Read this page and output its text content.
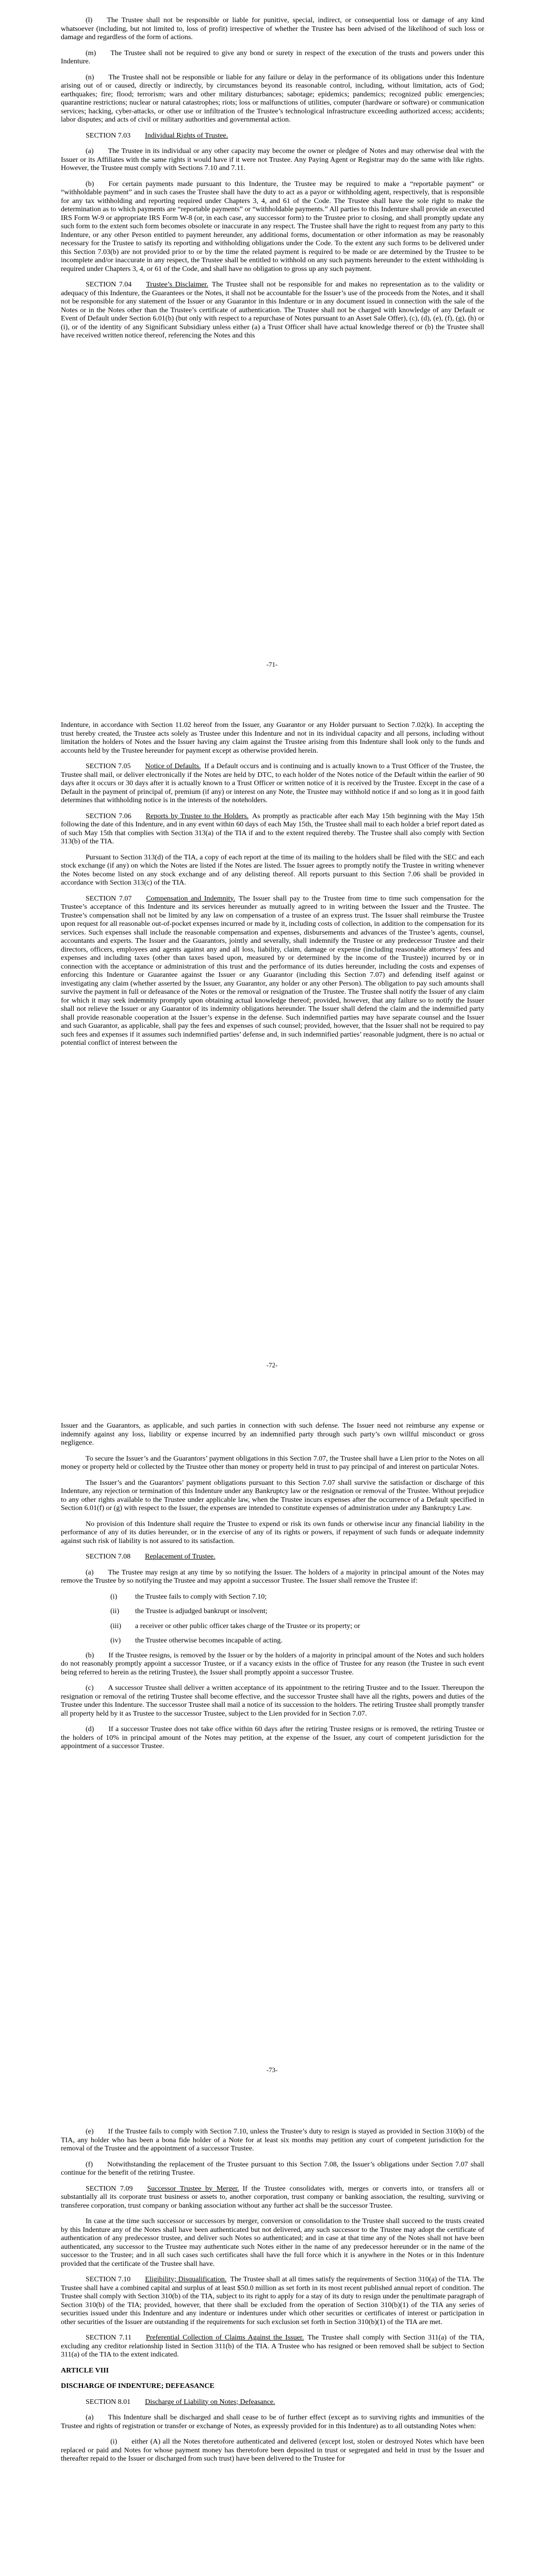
(l)   The Trustee shall not be responsible or liable for punitive, special, indirect, or consequential loss or damage of any kind whatsoever (including, but not limited to, loss of profit) irrespective of whether the Trustee has been advised of the likelihood of such loss or damage and regardless of the form of actions.

(m)   The Trustee shall not be required to give any bond or surety in respect of the execution of the trusts and powers under this Indenture.

(n)   The Trustee shall not be responsible or liable for any failure or delay in the performance of its obligations under this Indenture arising out of or caused, directly or indirectly, by circumstances beyond its reasonable control, including, without limitation, acts of God; earthquakes; fire; flood; terrorism; wars and other military disturbances; sabotage; epidemics; pandemics; recognized public emergencies; quarantine restrictions; nuclear or natural catastrophes; riots; loss or malfunctions of utilities, computer (hardware or software) or communication services; hacking, cyber-attacks, or other use or infiltration of the Trustee’s technological infrastructure exceeding authorized access; accidents; labor disputes; and acts of civil or military authorities and governmental action.

SECTION 7.03   Individual Rights of Trustee.

(a)   The Trustee in its individual or any other capacity may become the owner or pledgee of Notes and may otherwise deal with the Issuer or its Affiliates with the same rights it would have if it were not Trustee. Any Paying Agent or Registrar may do the same with like rights. However, the Trustee must comply with Sections 7.10 and 7.11.

(b)   For certain payments made pursuant to this Indenture, the Trustee may be required to make a “reportable payment” or “withholdable payment” and in such cases the Trustee shall have the duty to act as a payor or withholding agent, respectively, that is responsible for any tax withholding and reporting required under Chapters 3, 4, and 61 of the Code. The Trustee shall have the sole right to make the determination as to which payments are “reportable payments” or “withholdable payments.” All parties to this Indenture shall provide an executed IRS Form W-9 or appropriate IRS Form W-8 (or, in each case, any successor form) to the Trustee prior to closing, and shall promptly update any such form to the extent such form becomes obsolete or inaccurate in any respect. The Trustee shall have the right to request from any party to this Indenture, or any other Person entitled to payment hereunder, any additional forms, documentation or other information as may be reasonably necessary for the Trustee to satisfy its reporting and withholding obligations under the Code. To the extent any such forms to be delivered under this Section 7.03(b) are not provided prior to or by the time the related payment is required to be made or are determined by the Trustee to be incomplete and/or inaccurate in any respect, the Trustee shall be entitled to withhold on any such payments hereunder to the extent withholding is required under Chapters 3, 4, or 61 of the Code, and shall have no obligation to gross up any such payment.

SECTION 7.04   Trustee’s Disclaimer.  The Trustee shall not be responsible for and makes no representation as to the validity or adequacy of this Indenture, the Guarantees or the Notes, it shall not be accountable for the Issuer’s use of the proceeds from the Notes, and it shall not be responsible for any statement of the Issuer or any Guarantor in this Indenture or in any document issued in connection with the sale of the Notes or in the Notes other than the Trustee’s certificate of authentication. The Trustee shall not be charged with knowledge of any Default or Event of Default under Section 6.01(b) (but only with respect to a repurchase of Notes pursuant to an Asset Sale Offer), (c), (d), (e), (f), (g), (h) or (i), or of the identity of any Significant Subsidiary unless either (a) a Trust Officer shall have actual knowledge thereof or (b) the Trustee shall have received written notice thereof, referencing the Notes and this

-71-

Indenture, in accordance with Section 11.02 hereof from the Issuer, any Guarantor or any Holder pursuant to Section 7.02(k). In accepting the trust hereby created, the Trustee acts solely as Trustee under this Indenture and not in its individual capacity and all persons, including without limitation the holders of Notes and the Issuer having any claim against the Trustee arising from this Indenture shall look only to the funds and accounts held by the Trustee hereunder for payment except as otherwise provided herein.

SECTION 7.05   Notice of Defaults.  If a Default occurs and is continuing and is actually known to a Trust Officer of the Trustee, the Trustee shall mail, or deliver electronically if the Notes are held by DTC, to each holder of the Notes notice of the Default within the earlier of 90 days after it occurs or 30 days after it is actually known to a Trust Officer or written notice of it is received by the Trustee. Except in the case of a Default in the payment of principal of, premium (if any) or interest on any Note, the Trustee may withhold notice if and so long as it in good faith determines that withholding notice is in the interests of the noteholders.

SECTION 7.06   Reports by Trustee to the Holders.  As promptly as practicable after each May 15th beginning with the May 15th following the date of this Indenture, and in any event within 60 days of each May 15th, the Trustee shall mail to each holder a brief report dated as of such May 15th that complies with Section 313(a) of the TIA if and to the extent required thereby. The Trustee shall also comply with Section 313(b) of the TIA.

Pursuant to Section 313(d) of the TIA, a copy of each report at the time of its mailing to the holders shall be filed with the SEC and each stock exchange (if any) on which the Notes are listed if the Notes are listed. The Issuer agrees to promptly notify the Trustee in writing whenever the Notes become listed on any stock exchange and of any delisting thereof. All reports pursuant to this Section 7.06 shall be provided in accordance with Section 313(c) of the TIA.

SECTION 7.07   Compensation and Indemnity.  The Issuer shall pay to the Trustee from time to time such compensation for the Trustee’s acceptance of this Indenture and its services hereunder as mutually agreed to in writing between the Issuer and the Trustee. The Trustee’s compensation shall not be limited by any law on compensation of a trustee of an express trust. The Issuer shall reimburse the Trustee upon request for all reasonable out-of-pocket expenses incurred or made by it, including costs of collection, in addition to the compensation for its services. Such expenses shall include the reasonable compensation and expenses, disbursements and advances of the Trustee’s agents, counsel, accountants and experts. The Issuer and the Guarantors, jointly and severally, shall indemnify the Trustee or any predecessor Trustee and their directors, officers, employees and agents against any and all loss, liability, claim, damage or expense (including reasonable attorneys’ fees and expenses and including taxes (other than taxes based upon, measured by or determined by the income of the Trustee)) incurred by or in connection with the acceptance or administration of this trust and the performance of its duties hereunder, including the costs and expenses of enforcing this Indenture or Guarantee against the Issuer or any Guarantor (including this Section 7.07) and defending itself against or investigating any claim (whether asserted by the Issuer, any Guarantor, any holder or any other Person). The obligation to pay such amounts shall survive the payment in full or defeasance of the Notes or the removal or resignation of the Trustee. The Trustee shall notify the Issuer of any claim for which it may seek indemnity promptly upon obtaining actual knowledge thereof; provided, however, that any failure so to notify the Issuer shall not relieve the Issuer or any Guarantor of its indemnity obligations hereunder. The Issuer shall defend the claim and the indemnified party shall provide reasonable cooperation at the Issuer’s expense in the defense. Such indemnified parties may have separate counsel and the Issuer and such Guarantor, as applicable, shall pay the fees and expenses of such counsel; provided, however, that the Issuer shall not be required to pay such fees and expenses if it assumes such indemnified parties’ defense and, in such indemnified parties’ reasonable judgment, there is no actual or potential conflict of interest between the

-72-

Issuer and the Guarantors, as applicable, and such parties in connection with such defense. The Issuer need not reimburse any expense or indemnify against any loss, liability or expense incurred by an indemnified party through such party’s own willful misconduct or gross negligence.

To secure the Issuer’s and the Guarantors’ payment obligations in this Section 7.07, the Trustee shall have a Lien prior to the Notes on all money or property held or collected by the Trustee other than money or property held in trust to pay principal of and interest on particular Notes.

The Issuer’s and the Guarantors’ payment obligations pursuant to this Section 7.07 shall survive the satisfaction or discharge of this Indenture, any rejection or termination of this Indenture under any Bankruptcy law or the resignation or removal of the Trustee. Without prejudice to any other rights available to the Trustee under applicable law, when the Trustee incurs expenses after the occurrence of a Default specified in Section 6.01(f) or (g) with respect to the Issuer, the expenses are intended to constitute expenses of administration under any Bankruptcy Law.

No provision of this Indenture shall require the Trustee to expend or risk its own funds or otherwise incur any financial liability in the performance of any of its duties hereunder, or in the exercise of any of its rights or powers, if repayment of such funds or adequate indemnity against such risk of liability is not assured to its satisfaction.

SECTION 7.08   Replacement of Trustee.

(a)   The Trustee may resign at any time by so notifying the Issuer. The holders of a majority in principal amount of the Notes may remove the Trustee by so notifying the Trustee and may appoint a successor Trustee. The Issuer shall remove the Trustee if:

(i)	the Trustee fails to comply with Section 7.10;

(ii)	the Trustee is adjudged bankrupt or insolvent;

(iii)	a receiver or other public officer takes charge of the Trustee or its property; or

(iv)	the Trustee otherwise becomes incapable of acting.

(b)   If the Trustee resigns, is removed by the Issuer or by the holders of a majority in principal amount of the Notes and such holders do not reasonably promptly appoint a successor Trustee, or if a vacancy exists in the office of Trustee for any reason (the Trustee in such event being referred to herein as the retiring Trustee), the Issuer shall promptly appoint a successor Trustee.

(c)   A successor Trustee shall deliver a written acceptance of its appointment to the retiring Trustee and to the Issuer. Thereupon the resignation or removal of the retiring Trustee shall become effective, and the successor Trustee shall have all the rights, powers and duties of the Trustee under this Indenture. The successor Trustee shall mail a notice of its succession to the holders. The retiring Trustee shall promptly transfer all property held by it as Trustee to the successor Trustee, subject to the Lien provided for in Section 7.07.

(d)   If a successor Trustee does not take office within 60 days after the retiring Trustee resigns or is removed, the retiring Trustee or the holders of 10% in principal amount of the Notes may petition, at the expense of the Issuer, any court of competent jurisdiction for the appointment of a successor Trustee.

-73-

(e)   If the Trustee fails to comply with Section 7.10, unless the Trustee’s duty to resign is stayed as provided in Section 310(b) of the TIA, any holder who has been a bona fide holder of a Note for at least six months may petition any court of competent jurisdiction for the removal of the Trustee and the appointment of a successor Trustee.

(f)   Notwithstanding the replacement of the Trustee pursuant to this Section 7.08, the Issuer’s obligations under Section 7.07 shall continue for the benefit of the retiring Trustee.

SECTION 7.09   Successor Trustee by Merger.  If the Trustee consolidates with, merges or converts into, or transfers all or substantially all its corporate trust business or assets to, another corporation, trust company or banking association, the resulting, surviving or transferee corporation, trust company or banking association without any further act shall be the successor Trustee.

In case at the time such successor or successors by merger, conversion or consolidation to the Trustee shall succeed to the trusts created by this Indenture any of the Notes shall have been authenticated but not delivered, any such successor to the Trustee may adopt the certificate of authentication of any predecessor trustee, and deliver such Notes so authenticated; and in case at that time any of the Notes shall not have been authenticated, any successor to the Trustee may authenticate such Notes either in the name of any predecessor hereunder or in the name of the successor to the Trustee; and in all such cases such certificates shall have the full force which it is anywhere in the Notes or in this Indenture provided that the certificate of the Trustee shall have.

SECTION 7.10   Eligibility; Disqualification.  The Trustee shall at all times satisfy the requirements of Section 310(a) of the TIA. The Trustee shall have a combined capital and surplus of at least $50.0 million as set forth in its most recent published annual report of condition. The Trustee shall comply with Section 310(b) of the TIA, subject to its right to apply for a stay of its duty to resign under the penultimate paragraph of Section 310(b) of the TIA; provided, however, that there shall be excluded from the operation of Section 310(b)(1) of the TIA any series of securities issued under this Indenture and any indenture or indentures under which other securities or certificates of interest or participation in other securities of the Issuer are outstanding if the requirements for such exclusion set forth in Section 310(b)(1) of the TIA are met.

SECTION 7.11   Preferential Collection of Claims Against the Issuer.  The Trustee shall comply with Section 311(a) of the TIA, excluding any creditor relationship listed in Section 311(b) of the TIA. A Trustee who has resigned or been removed shall be subject to Section 311(a) of the TIA to the extent indicated.

ARTICLE VIII

DISCHARGE OF INDENTURE; DEFEASANCE

SECTION 8.01   Discharge of Liability on Notes; Defeasance.

(a)   This Indenture shall be discharged and shall cease to be of further effect (except as to surviving rights and immunities of the Trustee and rights of registration or transfer or exchange of Notes, as expressly provided for in this Indenture) as to all outstanding Notes when:

(i)   either (A) all the Notes theretofore authenticated and delivered (except lost, stolen or destroyed Notes which have been replaced or paid and Notes for whose payment money has theretofore been deposited in trust or segregated and held in trust by the Issuer and thereafter repaid to the Issuer or discharged from such trust) have been delivered to the Trustee for
